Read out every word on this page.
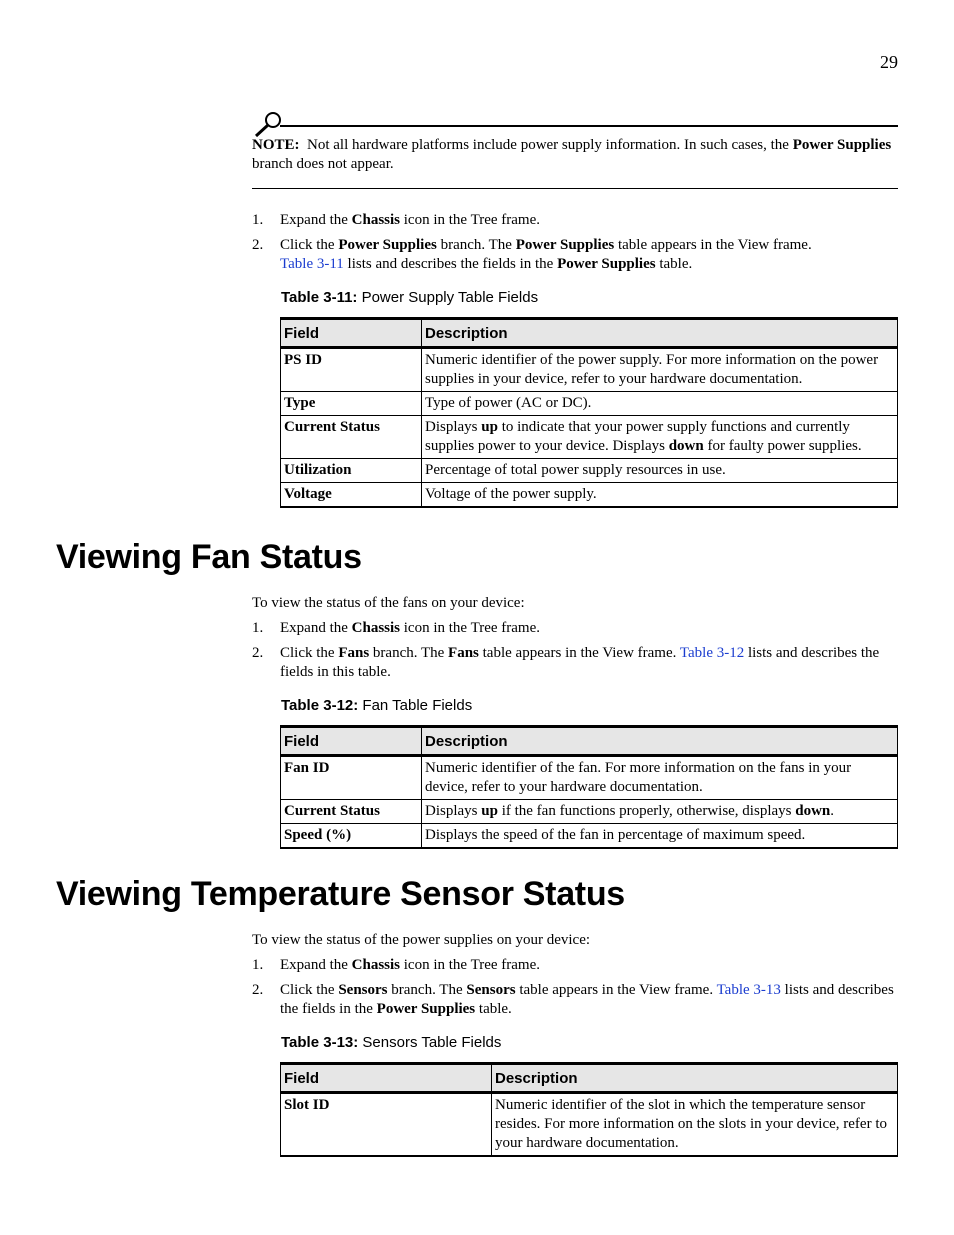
29
NOTE: Not all hardware platforms include power supply information. In such cases, the Power Supplies branch does not appear.
1. Expand the Chassis icon in the Tree frame.
2. Click the Power Supplies branch. The Power Supplies table appears in the View frame.
Table 3-11 lists and describes the fields in the Power Supplies table.
Table 3-11: Power Supply Table Fields
Field	Description
PS ID	Numeric identifier of the power supply. For more information on the power supplies in your device, refer to your hardware documentation.
Type	Type of power (AC or DC).
Current Status	Displays up to indicate that your power supply functions and currently supplies power to your device. Displays down for faulty power supplies.
Utilization	Percentage of total power supply resources in use.
Voltage	Voltage of the power supply.
Viewing Fan Status
To view the status of the fans on your device:
1. Expand the Chassis icon in the Tree frame.
2. Click the Fans branch. The Fans table appears in the View frame. Table 3-12 lists and describes the fields in this table.
Table 3-12: Fan Table Fields
Field	Description
Fan ID	Numeric identifier of the fan. For more information on the fans in your device, refer to your hardware documentation.
Current Status	Displays up if the fan functions properly, otherwise, displays down.
Speed (%)	Displays the speed of the fan in percentage of maximum speed.
Viewing Temperature Sensor Status
To view the status of the power supplies on your device:
1. Expand the Chassis icon in the Tree frame.
2. Click the Sensors branch. The Sensors table appears in the View frame. Table 3-13 lists and describes the fields in the Power Supplies table.
Table 3-13: Sensors Table Fields
Field	Description
Slot ID	Numeric identifier of the slot in which the temperature sensor resides. For more information on the slots in your device, refer to your hardware documentation.
